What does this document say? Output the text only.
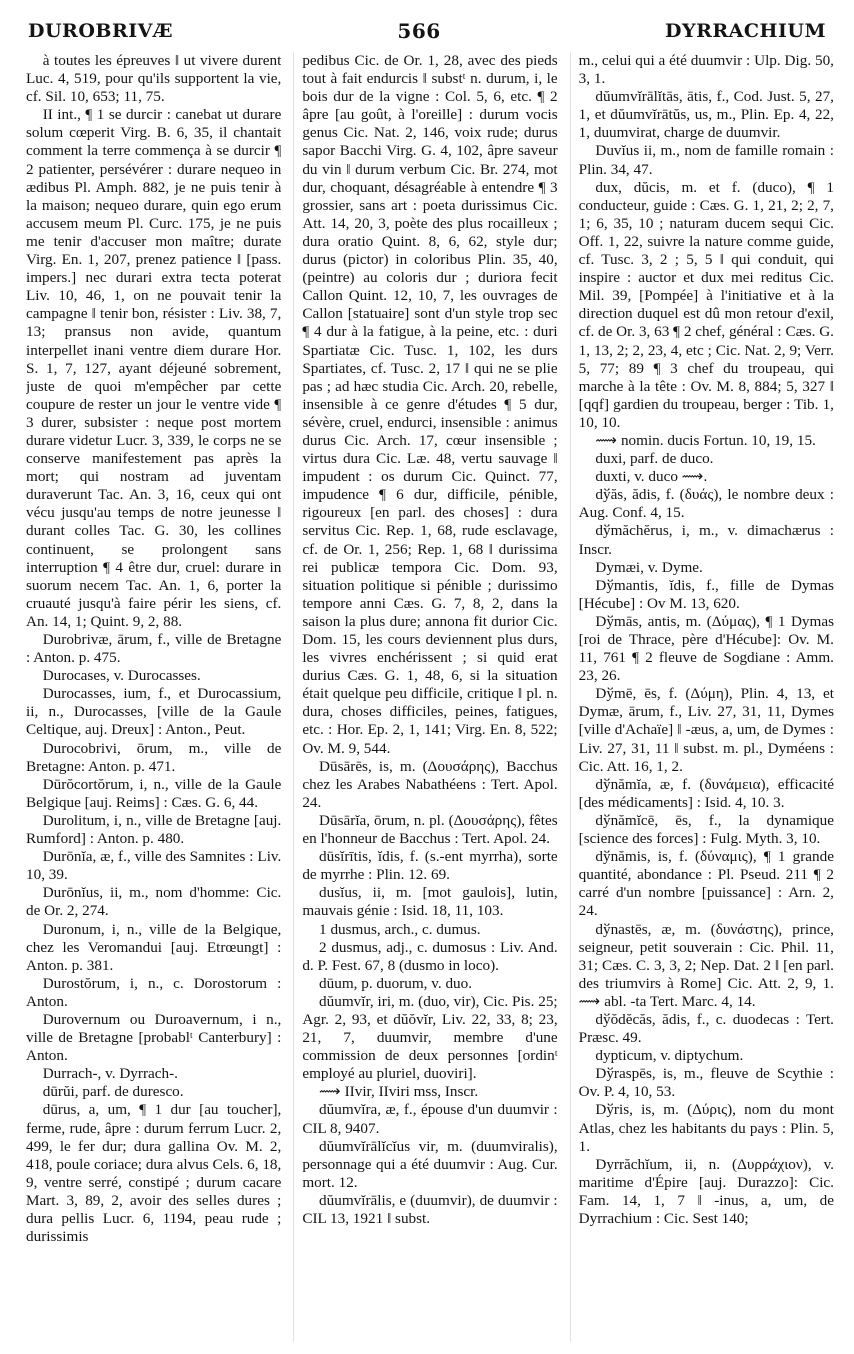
DUROBRIVÆ	566	DYRRACHIUM

à toutes les épreuves ‖ ut vivere durent Luc. 4, 519, pour qu'ils supportent la vie, cf. Sil. 10, 653; 11, 75.

II int., ¶ 1 se durcir : canebat ut durare solum cœperit Virg. B. 6, 35, il chantait comment la terre commença à se durcir ¶ 2 patienter, persévérer : durare nequeo in ædibus Pl. Amph. 882, je ne puis tenir à la maison; nequeo durare, quin ego erum accusem meum Pl. Curc. 175, je ne puis me tenir d'accuser mon maître; durate Virg. En. 1, 207, prenez patience ‖ [pass. impers.] nec durari extra tecta poterat Liv. 10, 46, 1, on ne pouvait tenir la campagne ‖ tenir bon, résister : Liv. 38, 7, 13; pransus non avide, quantum interpellet inani ventre diem durare Hor. S. 1, 7, 127, ayant déjeuné sobrement, juste de quoi m'empêcher par cette coupure de rester un jour le ventre vide ¶ 3 durer, subsister : neque post mortem durare videtur Lucr. 3, 339, le corps ne se conserve manifestement pas après la mort; qui nostram ad juventam duraverunt Tac. An. 3, 16, ceux qui ont vécu jusqu'au temps de notre jeunesse ‖ durant colles Tac. G. 30, les collines continuent, se prolongent sans interruption ¶ 4 être dur, cruel: durare in suorum necem Tac. An. 1, 6, porter la cruauté jusqu'à faire périr les siens, cf. An. 14, 1; Quint. 9, 2, 88.

Durobrivæ, ārum, f., ville de Bretagne : Anton. p. 475.

Durocases, v. Durocasses.

Durocasses, ium, f., et Durocassium, ii, n., Durocasses, [ville de la Gaule Celtique, auj. Dreux] : Anton., Peut.

Durocobrivi, ōrum, m., ville de Bretagne: Anton. p. 471.

Dūrŏcortŏrum, i, n., ville de la Gaule Belgique [auj. Reims] : Cæs. G. 6, 44.

Durolitum, i, n., ville de Bretagne [auj. Rumford] : Anton. p. 480.

Durōnĭa, æ, f., ville des Samnites : Liv. 10, 39.

Durōnĭus, ii, m., nom d'homme: Cic. de Or. 2, 274.

Duronum, i, n., ville de la Belgique, chez les Veromandui [auj. Etrœungt] : Anton. p. 381.

Durostŏrum, i, n., c. Dorostorum : Anton.

Durovernum ou Duroavernum, i n., ville de Bretagne [probablᵗ Canterbury] : Anton.

Durrach-, v. Dyrrach-.

dūrŭi, parf. de duresco.

dūrus, a, um, ¶ 1 dur [au toucher], ferme, rude, âpre : durum ferrum Lucr. 2, 499, le fer dur; dura gallina Ov. M. 2, 418, poule coriace; dura alvus Cels. 6, 18, 9, ventre serré, constipé ; durum cacare Mart. 3, 89, 2, avoir des selles dures ; dura pellis Lucr. 6, 1194, peau rude ; durissimis

pedibus Cic. de Or. 1, 28, avec des pieds tout à fait endurcis ‖ substᵗ n. durum, i, le bois dur de la vigne : Col. 5, 6, etc. ¶ 2 âpre [au goût, à l'oreille] : durum vocis genus Cic. Nat. 2, 146, voix rude; durus sapor Bacchi Virg. G. 4, 102, âpre saveur du vin ‖ durum verbum Cic. Br. 274, mot dur, choquant, désagréable à entendre ¶ 3 grossier, sans art : poeta durissimus Cic. Att. 14, 20, 3, poète des plus rocailleux ; dura oratio Quint. 8, 6, 62, style dur; durus (pictor) in coloribus Plin. 35, 40, (peintre) au coloris dur ; duriora fecit Callon Quint. 12, 10, 7, les ouvrages de Callon [statuaire] sont d'un style trop sec ¶ 4 dur à la fatigue, à la peine, etc. : duri Spartiatæ Cic. Tusc. 1, 102, les durs Spartiates, cf. Tusc. 2, 17 ‖ qui ne se plie pas ; ad hæc studia Cic. Arch. 20, rebelle, insensible à ce genre d'études ¶ 5 dur, sévère, cruel, endurci, insensible : animus durus Cic. Arch. 17, cœur insensible ; virtus dura Cic. Læ. 48, vertu sauvage ‖ impudent : os durum Cic. Quinct. 77, impudence ¶ 6 dur, difficile, pénible, rigoureux [en parl. des choses] : dura servitus Cic. Rep. 1, 68, rude esclavage, cf. de Or. 1, 256; Rep. 1, 68 ‖ durissima rei publicæ tempora Cic. Dom. 93, situation politique si pénible ; durissimo tempore anni Cæs. G. 7, 8, 2, dans la saison la plus dure; annona fit durior Cic. Dom. 15, les cours deviennent plus durs, les vivres enchérissent ; si quid erat durius Cæs. G. 1, 48, 6, si la situation était quelque peu difficile, critique ‖ pl. n. dura, choses difficiles, peines, fatigues, etc. : Hor. Ep. 2, 1, 141; Virg. En. 8, 522; Ov. M. 9, 544.

Dūsārēs, is, m. (Δουσάρης), Bacchus chez les Arabes Nabathéens : Tert. Apol. 24.

Dūsārĭa, ōrum, n. pl. (Δουσάρης), fêtes en l'honneur de Bacchus : Tert. Apol. 24.

dūsĭrītis, ĭdis, f. (s.-ent myrrha), sorte de myrrhe : Plin. 12. 69.

dusĭus, ii, m. [mot gaulois], lutin, mauvais génie : Isid. 18, 11, 103.

1 dusmus, arch., c. dumus.

2 dusmus, adj., c. dumosus : Liv. And. d. P. Fest. 67, 8 (dusmo in loco).

dūum, p. duorum, v. duo.

dŭumvĭr, iri, m. (duo, vir), Cic. Pis. 25; Agr. 2, 93, et dŭŏvĭr, Liv. 22, 33, 8; 23, 21, 7, duumvir, membre d'une commission de deux personnes [ordinᵗ employé au pluriel, duoviri].

⟿ IIvir, IIviri mss, Inscr.

dŭumvĭra, æ, f., épouse d'un duumvir : CIL 8, 9407.

dŭumvĭrālĭcĭus vir, m. (duumviralis), personnage qui a été duumvir : Aug. Cur. mort. 12.

dŭumvĭrālis, e (duumvir), de duumvir : CIL 13, 1921 ‖ subst.

m., celui qui a été duumvir : Ulp. Dig. 50, 3, 1.

dŭumvĭrālĭtās, ātis, f., Cod. Just. 5, 27, 1, et dŭumvĭrātŭs, us, m., Plin. Ep. 4, 22, 1, duumvirat, charge de duumvir.

Duvĭus ii, m., nom de famille romain : Plin. 34, 47.

dux, dŭcis, m. et f. (duco), ¶ 1 conducteur, guide : Cæs. G. 1, 21, 2; 2, 7, 1; 6, 35, 10 ; naturam ducem sequi Cic. Off. 1, 22, suivre la nature comme guide, cf. Tusc. 3, 2 ; 5, 5 ‖ qui conduit, qui inspire : auctor et dux mei reditus Cic. Mil. 39, [Pompée] à l'initiative et à la direction duquel est dû mon retour d'exil, cf. de Or. 3, 63 ¶ 2 chef, général : Cæs. G. 1, 13, 2; 2, 23, 4, etc ; Cic. Nat. 2, 9; Verr. 5, 77; 89 ¶ 3 chef du troupeau, qui marche à la tête : Ov. M. 8, 884; 5, 327 ‖ [qqf] gardien du troupeau, berger : Tib. 1, 10, 10.

⟿ nomin. ducis Fortun. 10, 19, 15.

duxi, parf. de duco.

duxti, v. duco ⟿.

dўăs, ădis, f. (δυάς), le nombre deux : Aug. Conf. 4, 15.

dўmăchĕrus, i, m., v. dimachærus : Inscr.

Dymæi, v. Dyme.

Dўmantis, ĭdis, f., fille de Dymas [Hécube] : Ov M. 13, 620.

Dўmās, antis, m. (Δύμας), ¶ 1 Dymas [roi de Thrace, père d'Hécube]: Ov. M. 11, 761 ¶ 2 fleuve de Sogdiane : Amm. 23, 26.

Dўmē, ēs, f. (Δύμη), Plin. 4, 13, et Dymæ, ārum, f., Liv. 27, 31, 11, Dymes [ville d'Achaïe] ‖ -æus, a, um, de Dymes : Liv. 27, 31, 11 ‖ subst. m. pl., Dyméens : Cic. Att. 16, 1, 2.

dўnămĭa, æ, f. (δυνάμεια), efficacité [des médicaments] : Isid. 4, 10. 3.

dўnămĭcē, ēs, f., la dynamique [science des forces] : Fulg. Myth. 3, 10.

dўnămis, is, f. (δύναμις), ¶ 1 grande quantité, abondance : Pl. Pseud. 211 ¶ 2 carré d'un nombre [puissance] : Arn. 2, 24.

dўnastēs, æ, m. (δυνάστης), prince, seigneur, petit souverain : Cic. Phil. 11, 31; Cæs. C. 3, 3, 2; Nep. Dat. 2 ‖ [en parl. des triumvirs à Rome] Cic. Att. 2, 9, 1. ⟿ abl. -ta Tert. Marc. 4, 14.

dўŏdĕcăs, ădis, f., c. duodecas : Tert. Præsc. 49.

dypticum, v. diptychum.

Dўraspēs, is, m., fleuve de Scythie : Ov. P. 4, 10, 53.

Dўris, is, m. (Δύρις), nom du mont Atlas, chez les habitants du pays : Plin. 5, 1.

Dyrrăchĭum, ii, n. (Δυρράχιον), v. maritime d'Épire [auj. Durazzo]: Cic. Fam. 14, 1, 7 ‖ -inus, a, um, de Dyrrachium : Cic. Sest 140;
